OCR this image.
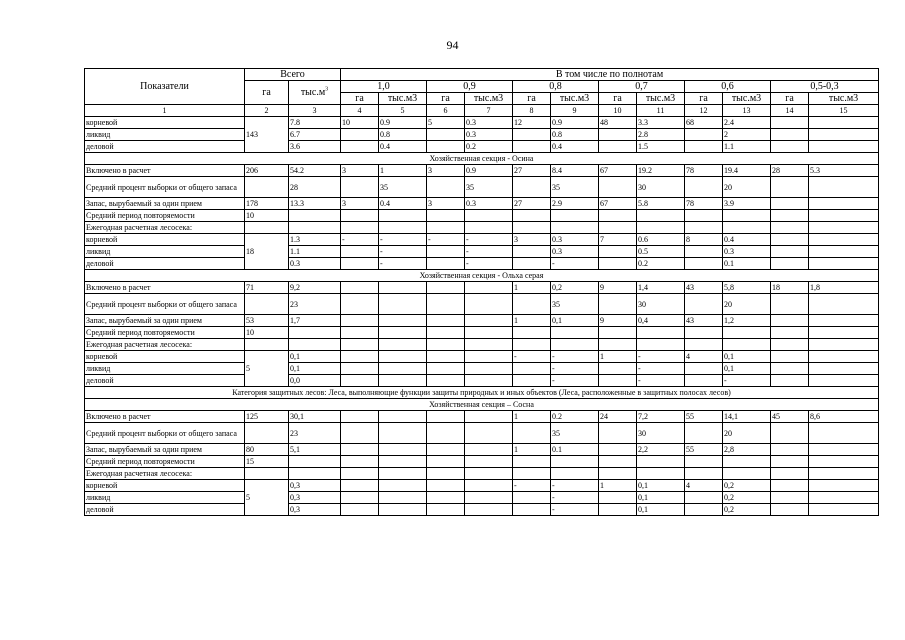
94
Показатели	Всего		В том числе по полнотам											
	га	$тыс.м^3$	1,0		0,9		0,8		0,7		0,6		0,5-0,3	
			га	тыс.м3	га	тыс.м3	га	тыс.м3	га	тыс.м3	га	тыс.м3	га	тыс.м3
1	2	3	4	5	6	7	8	9	10	11	12	13	14	15
корневой	143	7.8	10	0.9	5	0.3	12	0.9	48	3.3	68	2.4		
ликвид		6.7		0.8		0.3		0.8		2.8		2		
деловой		3.6		0.4		0.2		0.4		1.5		1.1		
Хозяйственная секция - Осина														
Включено в расчет	206	54.2	3	1	3	0.9	27	8.4	67	19.2	78	19.4	28	5.3
Средний процент выборки от общего запаса		28		35		35		35		30		20		
Запас, вырубаемый за один прием	178	13.3	3	0.4	3	0.3	27	2.9	67	5.8	78	3.9		
Средний период повторяемости	10													
Ежегодная расчетная лесосека:														
корневой	18	1.3	-	-	-	-	3	0.3	7	0.6	8	0.4		
ликвид		1.1		-		-		0.3		0.5		0.3		
деловой		0.3		-		-		-		0.2		0.1		
Хозяйственная секция - Ольха серая														
Включено в расчет	71	9,2					1	0,2	9	1,4	43	5,8	18	1,8
Средний процент выборки от общего запаса		23						35		30		20		
Запас, вырубаемый за один прием	53	1,7					1	0,1	9	0,4	43	1,2		
Средний период повторяемости	10													
Ежегодная расчетная лесосека:														
корневой	5	0,1					-	-	1	-	4	0,1		
ликвид		0,1						-		-		0,1		
деловой		0,0						-		-		-		
Категория защитных лесов: Леса, выполняющие функции защиты природных и иных объектов (Леса, расположенные в защитных полосах лесов)														
Хозяйственная секция – Сосна														
Включено в расчет	125	30,1					1	0.2	24	7,2	55	14,1	45	8,6
Средний процент выборки от общего запаса		23						35		30		20		
Запас, вырубаемый за один прием	80	5,1					1	0.1		2,2	55	2,8		
Средний период повторяемости	15													
Ежегодная расчетная лесосека:														
корневой	5	0,3					-	-	1	0,1	4	0,2		
ликвид		0,3						-		0,1		0,2		
деловой		0,3						-		0,1		0,2		
